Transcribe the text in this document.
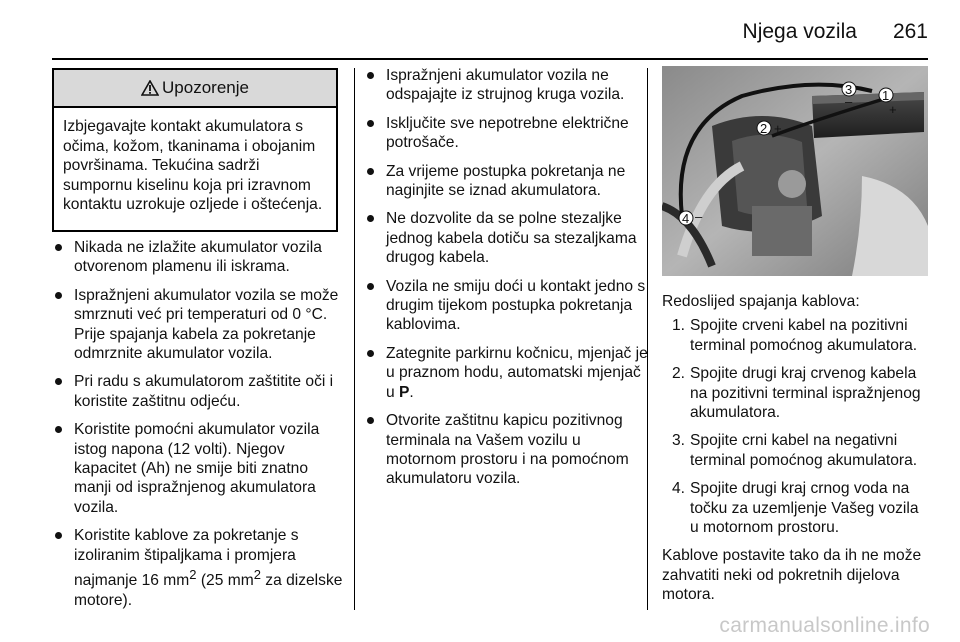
Njega vozila 261
Upozorenje
Izbjegavajte kontakt akumulatora s očima, kožom, tkaninama i obojanim površinama. Tekućina sadrži sumpornu kiselinu koja pri izravnom kontaktu uzrokuje ozljede i oštećenja.
Nikada ne izlažite akumulator vozila otvorenom plamenu ili iskrama.
Ispražnjeni akumulator vozila se može smrznuti već pri temperaturi od 0 °C. Prije spajanja kabela za pokretanje odmrznite akumulator vozila.
Pri radu s akumulatorom zaštitite oči i koristite zaštitnu odjeću.
Koristite pomoćni akumulator vozila istog napona (12 volti). Njegov kapacitet (Ah) ne smije biti znatno manji od ispražnjenog akumulatora vozila.
Koristite kablove za pokretanje s izoliranim štipaljkama i promjera najmanje 16 $mm^2$ (25 $mm^2$ za dizelske motore).
Ispražnjeni akumulator vozila ne odspajajte iz strujnog kruga vozila.
Isključite sve nepotrebne električne potrošače.
Za vrijeme postupka pokretanja ne naginjite se iznad akumulatora.
Ne dozvolite da se polne stezaljke jednog kabela dotiču sa stezaljkama drugog kabela.
Vozila ne smiju doći u kontakt jedno s drugim tijekom postupka pokretanja kablovima.
Zategnite parkirnu kočnicu, mjenjač je u praznom hodu, automatski mjenjač u P.
Otvorite zaštitnu kapicu pozitivnog terminala na Vašem vozilu u motornom prostoru i na pomoćnom akumulatoru vozila.
1
+
2 +
3
–
4 –

Redoslijed spajanja kablova:

1. Spojite crveni kabel na pozitivni terminal pomoćnog akumulatora.
2. Spojite drugi kraj crvenog kabela na pozitivni terminal ispražnjenog akumulatora.
3. Spojite crni kabel na negativni terminal pomoćnog akumulatora.
4. Spojite drugi kraj crnog voda na točku za uzemljenje Vašeg vozila u motornom prostoru.

Kablove postavite tako da ih ne može zahvatiti neki od pokretnih dijelova motora.

carmanualsonline.info
